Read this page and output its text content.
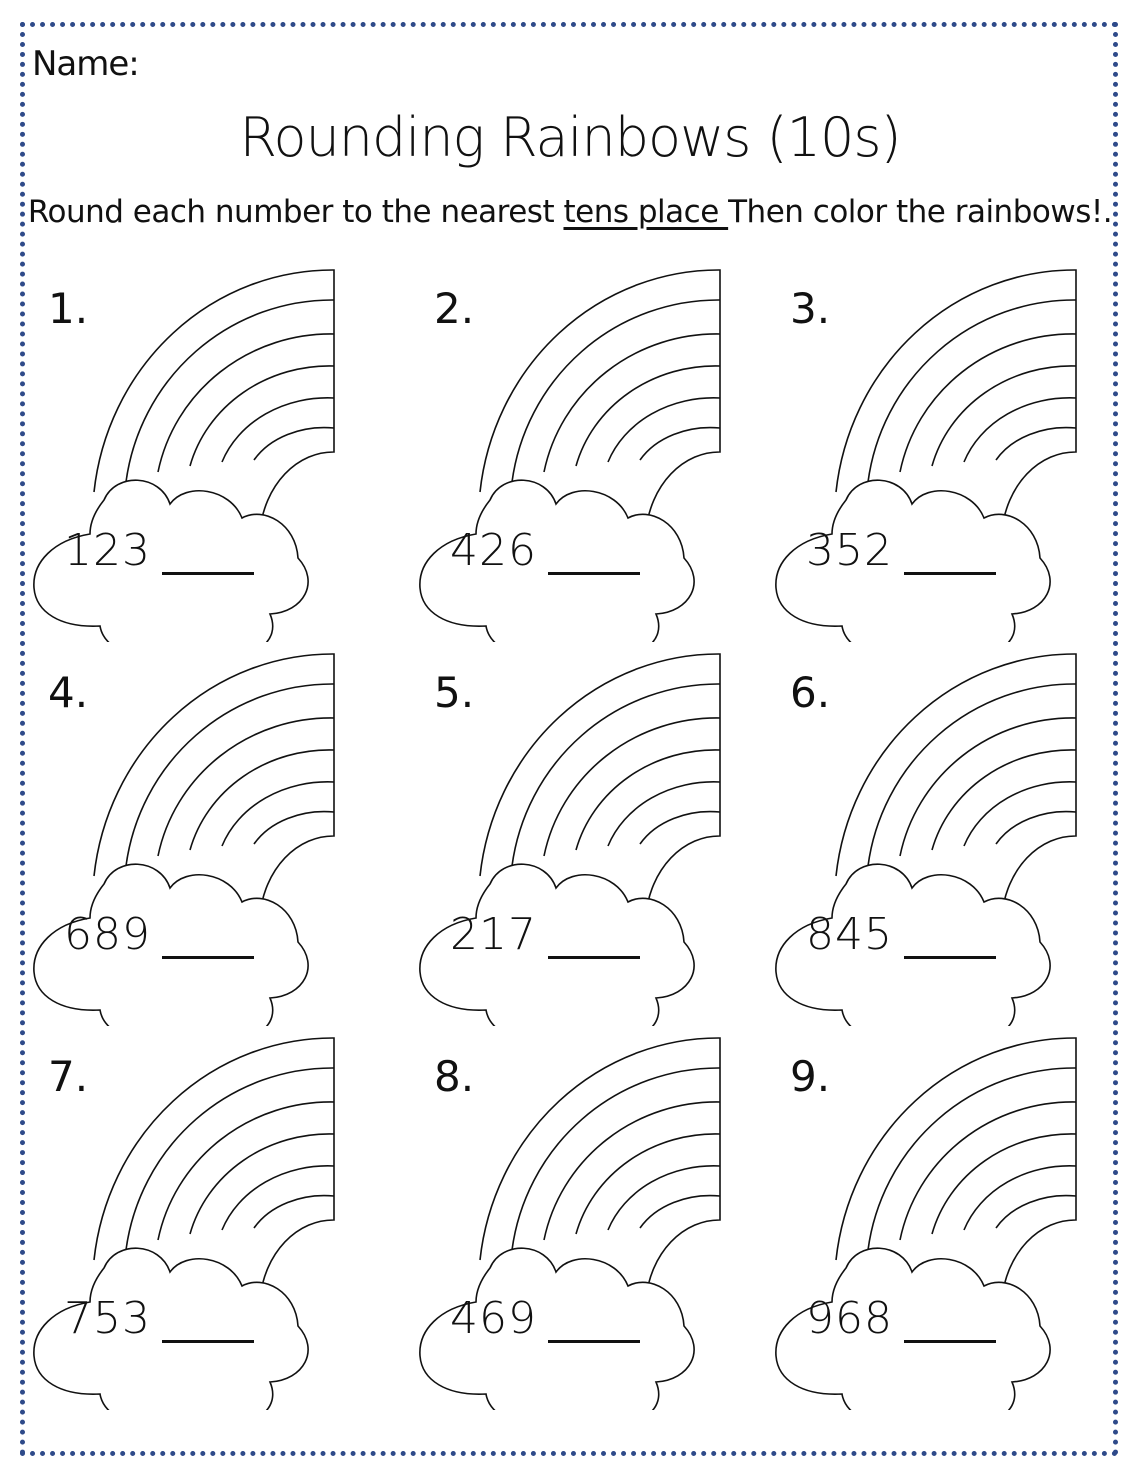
Name:
Rounding Rainbows (10s)
Round each number to the nearest tens place Then color the rainbows!.
1.
123
2.
426
3.
352
4.
689
5.
217
6.
845
7.
753
8.
469
9.
968
